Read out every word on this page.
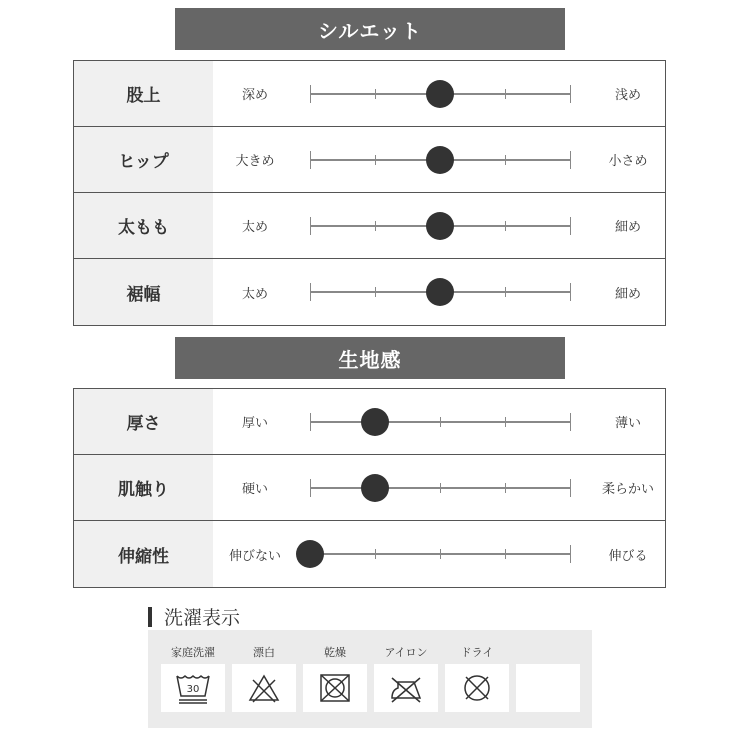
シルエット
股上	深め	浅め
ヒップ	大きめ	小さめ
太もも	太め	細め
裾幅	太め	細め
生地感
厚さ	厚い	薄い
肌触り	硬い	柔らかい
伸縮性	伸びない	伸びる
洗濯表示
家庭洗濯
30
漂白	乾燥	アイロン	ドライ
